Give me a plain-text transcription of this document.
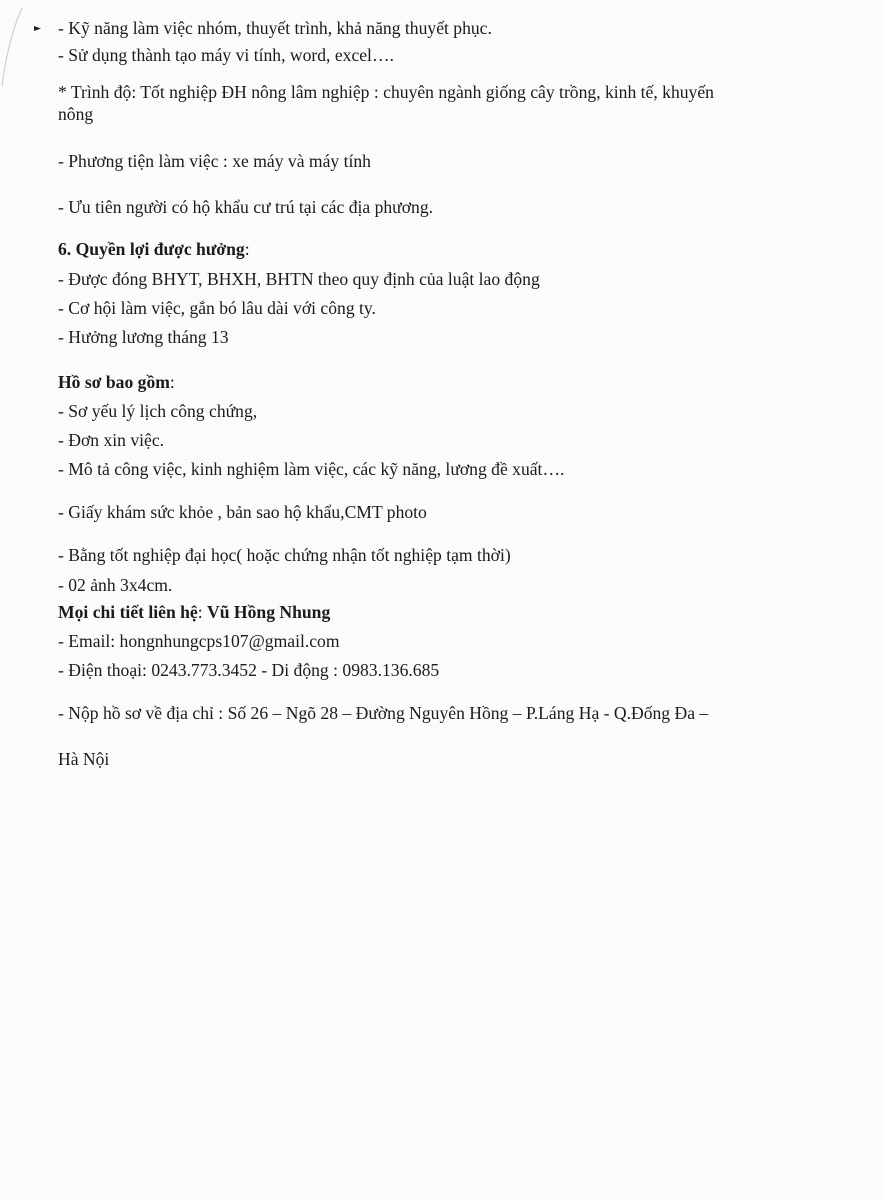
- Kỹ năng làm việc nhóm, thuyết trình, khả năng thuyết phục.
- Sử dụng thành tạo máy vi tính, word, excel….
* Trình độ: Tốt nghiệp ĐH nông lâm nghiệp : chuyên ngành giống cây trồng, kinh tế, khuyến
nông
- Phương tiện làm việc : xe máy và máy tính
- Ưu tiên người có hộ khẩu cư trú tại các địa phương.
6. Quyền lợi được hưởng:
- Được đóng BHYT, BHXH, BHTN theo quy định của luật lao động
- Cơ hội làm việc, gắn bó lâu dài với công ty.
- Hưởng lương tháng 13
Hồ sơ bao gồm:
- Sơ yếu lý lịch công chứng,
- Đơn xin việc.
- Mô tả công việc, kinh nghiệm làm việc, các kỹ năng, lương đề xuất….
- Giấy khám sức khỏe , bản sao hộ khẩu,CMT photo
- Bằng tốt nghiệp đại học( hoặc chứng nhận tốt nghiệp tạm thời)
- 02 ảnh 3x4cm.
Mọi chi tiết liên hệ: Vũ Hồng Nhung
- Email: hongnhungcps107@gmail.com
- Điện thoại: 0243.773.3452 - Di động : 0983.136.685
- Nộp hồ sơ về địa chỉ : Số 26 – Ngõ 28 – Đường Nguyên Hồng – P.Láng Hạ - Q.Đống Đa –
Hà Nội
